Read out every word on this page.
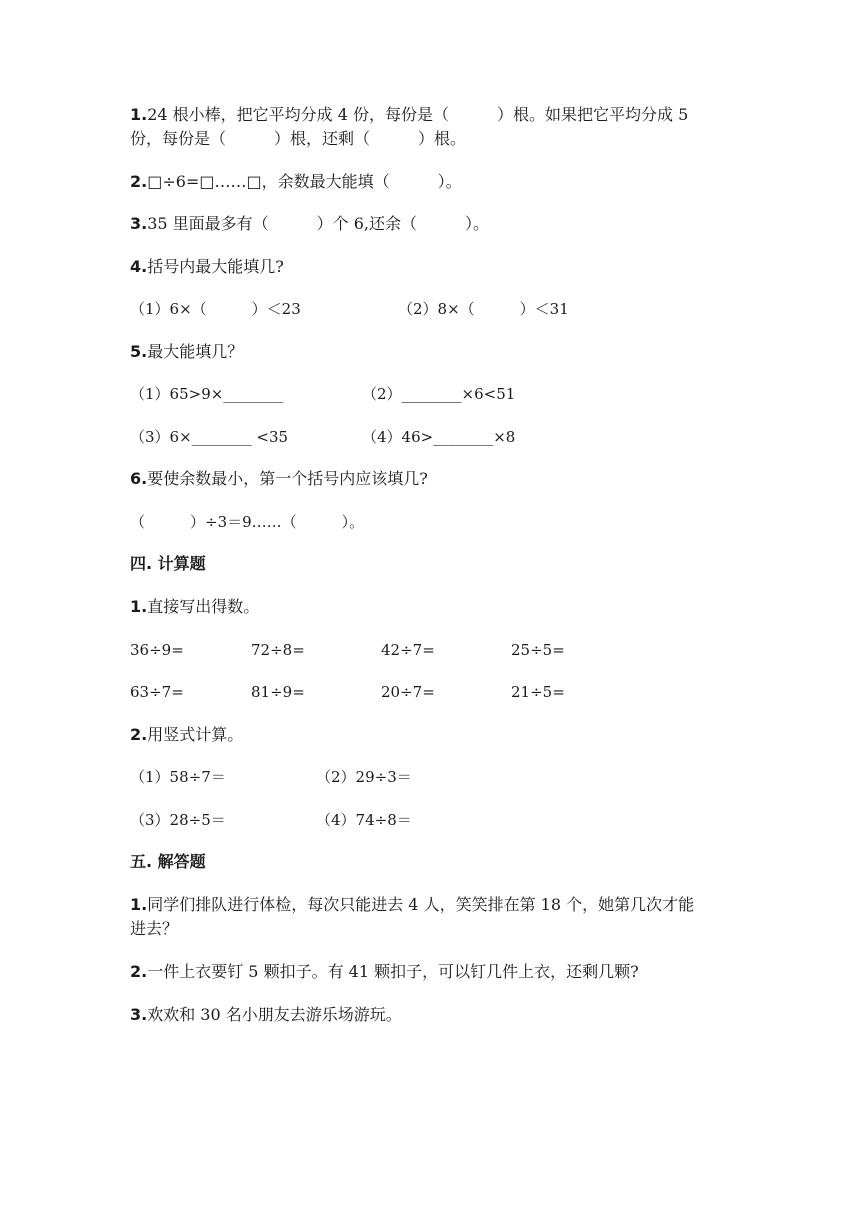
1.24 根小棒，把它平均分成 4 份，每份是（　　　）根。如果把它平均分成 5
份，每份是（　　　）根，还剩（　　　）根。
2.□÷6=□……□，余数最大能填（　　　）。
3.35 里面最多有（　　　）个 6,还余（　　　）。
4.括号内最大能填几?
（1）6×（　　　）＜23	（2）8×（　　　）＜31
5.最大能填几？
（1）65>9×________	（2）________×6<51
（3）6×________ <35	（4）46>________×8
6.要使余数最小，第一个括号内应该填几?
（　　　）÷3＝9……（　　　）。
四. 计算题
1.直接写出得数。
36÷9=	72÷8=	42÷7=	25÷5=
63÷7=	81÷9=	20÷7=	21÷5=
2.用竖式计算。
（1）58÷7＝	（2）29÷3＝
（3）28÷5＝	（4）74÷8＝
五. 解答题
1.同学们排队进行体检，每次只能进去 4 人，笑笑排在第 18 个，她第几次才能
进去？
2.一件上衣要钉 5 颗扣子。有 41 颗扣子，可以钉几件上衣，还剩几颗?
3.欢欢和 30 名小朋友去游乐场游玩。
